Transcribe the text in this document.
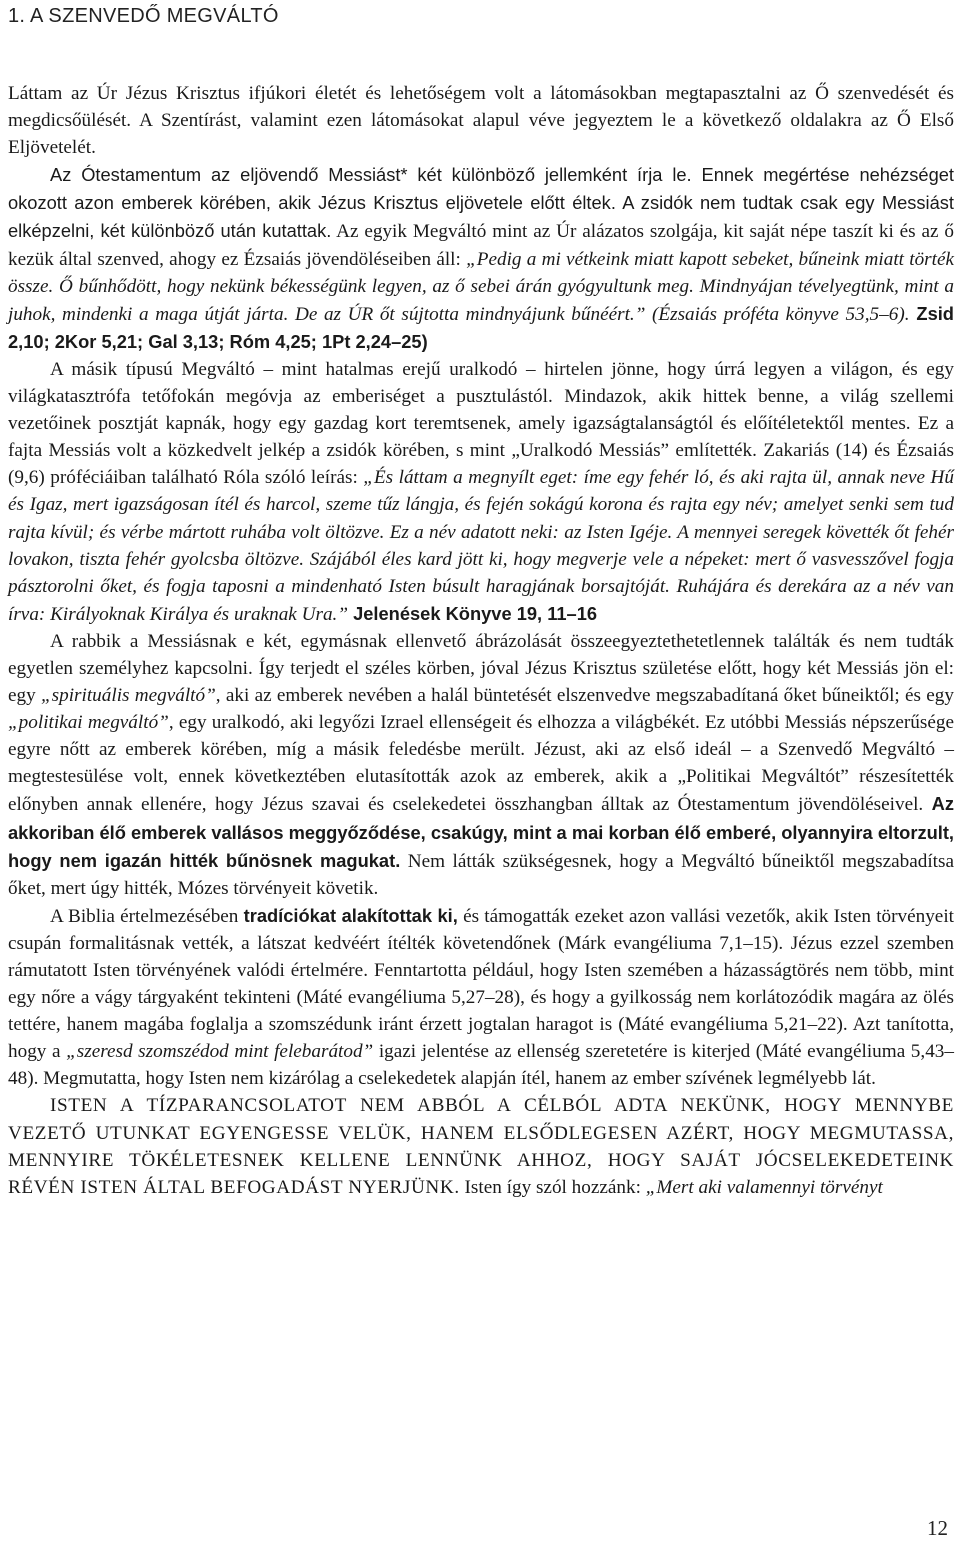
1. A SZENVEDŐ MEGVÁLTÓ

Láttam az Úr Jézus Krisztus ifjúkori életét és lehetőségem volt a látomásokban megtapasztalni az Ő szenvedését és megdicsőülését. A Szentírást, valamint ezen látomásokat alapul véve jegyeztem le a következő oldalakra az Ő Első Eljövetelét.

Az Ótestamentum az eljövendő Messiást* két különböző jellemként írja le. Ennek megértése nehézséget okozott azon emberek körében, akik Jézus Krisztus eljövetele előtt éltek. A zsidók nem tudtak csak egy Messiást elképzelni, két különböző után kutattak. Az egyik Megváltó mint az Úr alázatos szolgája, kit saját népe taszít ki és az ő kezük által szenved, ahogy ez Ézsaiás jövendöléseiben áll: „Pedig a mi vétkeink miatt kapott sebeket, bűneink miatt törték össze. Ő bűnhődött, hogy nekünk békességünk legyen, az ő sebei árán gyógyultunk meg. Mindnyájan tévelyegtünk, mint a juhok, mindenki a maga útját járta. De az ÚR őt sújtotta mindnyájunk bűnéért.” (Ézsaiás próféta könyve 53,5–6). Zsid 2,10; 2Kor 5,21; Gal 3,13; Róm 4,25; 1Pt 2,24–25)

A másik típusú Megváltó – mint hatalmas erejű uralkodó – hirtelen jönne, hogy úrrá legyen a világon, és egy világkatasztrófa tetőfokán megóvja az emberiséget a pusztulástól. Mindazok, akik hittek benne, a világ szellemi vezetőinek posztját kapnák, hogy egy gazdag kort teremtsenek, amely igazságtalanságtól és előítéletektől mentes. Ez a fajta Messiás volt a közkedvelt jelkép a zsidók körében, s mint „Uralkodó Messiás” említették. Zakariás (14) és Ézsaiás (9,6) próféciáiban található Róla szóló leírás: „És láttam a megnyílt eget: íme egy fehér ló, és aki rajta ül, annak neve Hű és Igaz, mert igazságosan ítél és harcol, szeme tűz lángja, és fején sokágú korona és rajta egy név; amelyet senki sem tud rajta kívül; és vérbe mártott ruhába volt öltözve. Ez a név adatott neki: az Isten Igéje. A mennyei seregek követték őt fehér lovakon, tiszta fehér gyolcsba öltözve. Szájából éles kard jött ki, hogy megverje vele a népeket: mert ő vasvesszővel fogja pásztorolni őket, és fogja taposni a mindenható Isten búsult haragjának borsajtóját. Ruhájára és derekára az a név van írva: Királyoknak Királya és uraknak Ura.” Jelenések Könyve 19, 11–16

A rabbik a Messiásnak e két, egymásnak ellenvető ábrázolását összeegyeztethetetlennek találták és nem tudták egyetlen személyhez kapcsolni. Így terjedt el széles körben, jóval Jézus Krisztus születése előtt, hogy két Messiás jön el: egy „spirituális megváltó”, aki az emberek nevében a halál büntetését elszenvedve megszabadítaná őket bűneiktől; és egy „politikai megváltó”, egy uralkodó, aki legyőzi Izrael ellenségeit és elhozza a világbékét. Ez utóbbi Messiás népszerűsége egyre nőtt az emberek körében, míg a másik feledésbe merült. Jézust, aki az első ideál – a Szenvedő Megváltó – megtestesülése volt, ennek következtében elutasították azok az emberek, akik a „Politikai Megváltót” részesítették előnyben annak ellenére, hogy Jézus szavai és cselekedetei összhangban álltak az Ótestamentum jövendöléseivel. Az akkoriban élő emberek vallásos meggyőződése, csakúgy, mint a mai korban élő emberé, olyannyira eltorzult, hogy nem igazán hitték bűnösnek magukat. Nem látták szükségesnek, hogy a Megváltó bűneiktől megszabadítsa őket, mert úgy hitték, Mózes törvényeit követik.

A Biblia értelmezésében tradíciókat alakítottak ki, és támogatták ezeket azon vallási vezetők, akik Isten törvényeit csupán formalitásnak vették, a látszat kedvéért ítélték követendőnek (Márk evangéliuma 7,1–15). Jézus ezzel szemben rámutatott Isten törvényének valódi értelmére. Fenntartotta például, hogy Isten szemében a házasságtörés nem több, mint egy nőre a vágy tárgyaként tekinteni (Máté evangéliuma 5,27–28), és hogy a gyilkosság nem korlátozódik magára az ölés tettére, hanem magába foglalja a szomszédunk iránt érzett jogtalan haragot is (Máté evangéliuma 5,21–22). Azt tanította, hogy a „szeresd szomszédod mint felebarátod” igazi jelentése az ellenség szeretetére is kiterjed (Máté evangéliuma 5,43–48). Megmutatta, hogy Isten nem kizárólag a cselekedetek alapján ítél, hanem az ember szívének legmélyebb lát.

ISTEN A TÍZPARANCSOLATOT NEM ABBÓL A CÉLBÓL ADTA NEKÜNK, HOGY MENNYBE VEZETŐ UTUNKAT EGYENGESSE VELÜK, HANEM ELSŐDLEGESEN AZÉRT, HOGY MEGMUTASSA, MENNYIRE TÖKÉLETESNEK KELLENE LENNÜNK AHHOZ, HOGY SAJÁT JÓCSELEKEDETEINK RÉVÉN ISTEN ÁLTAL BEFOGADÁST NYERJÜNK. Isten így szól hozzánk: „Mert aki valamennyi törvényt

12
